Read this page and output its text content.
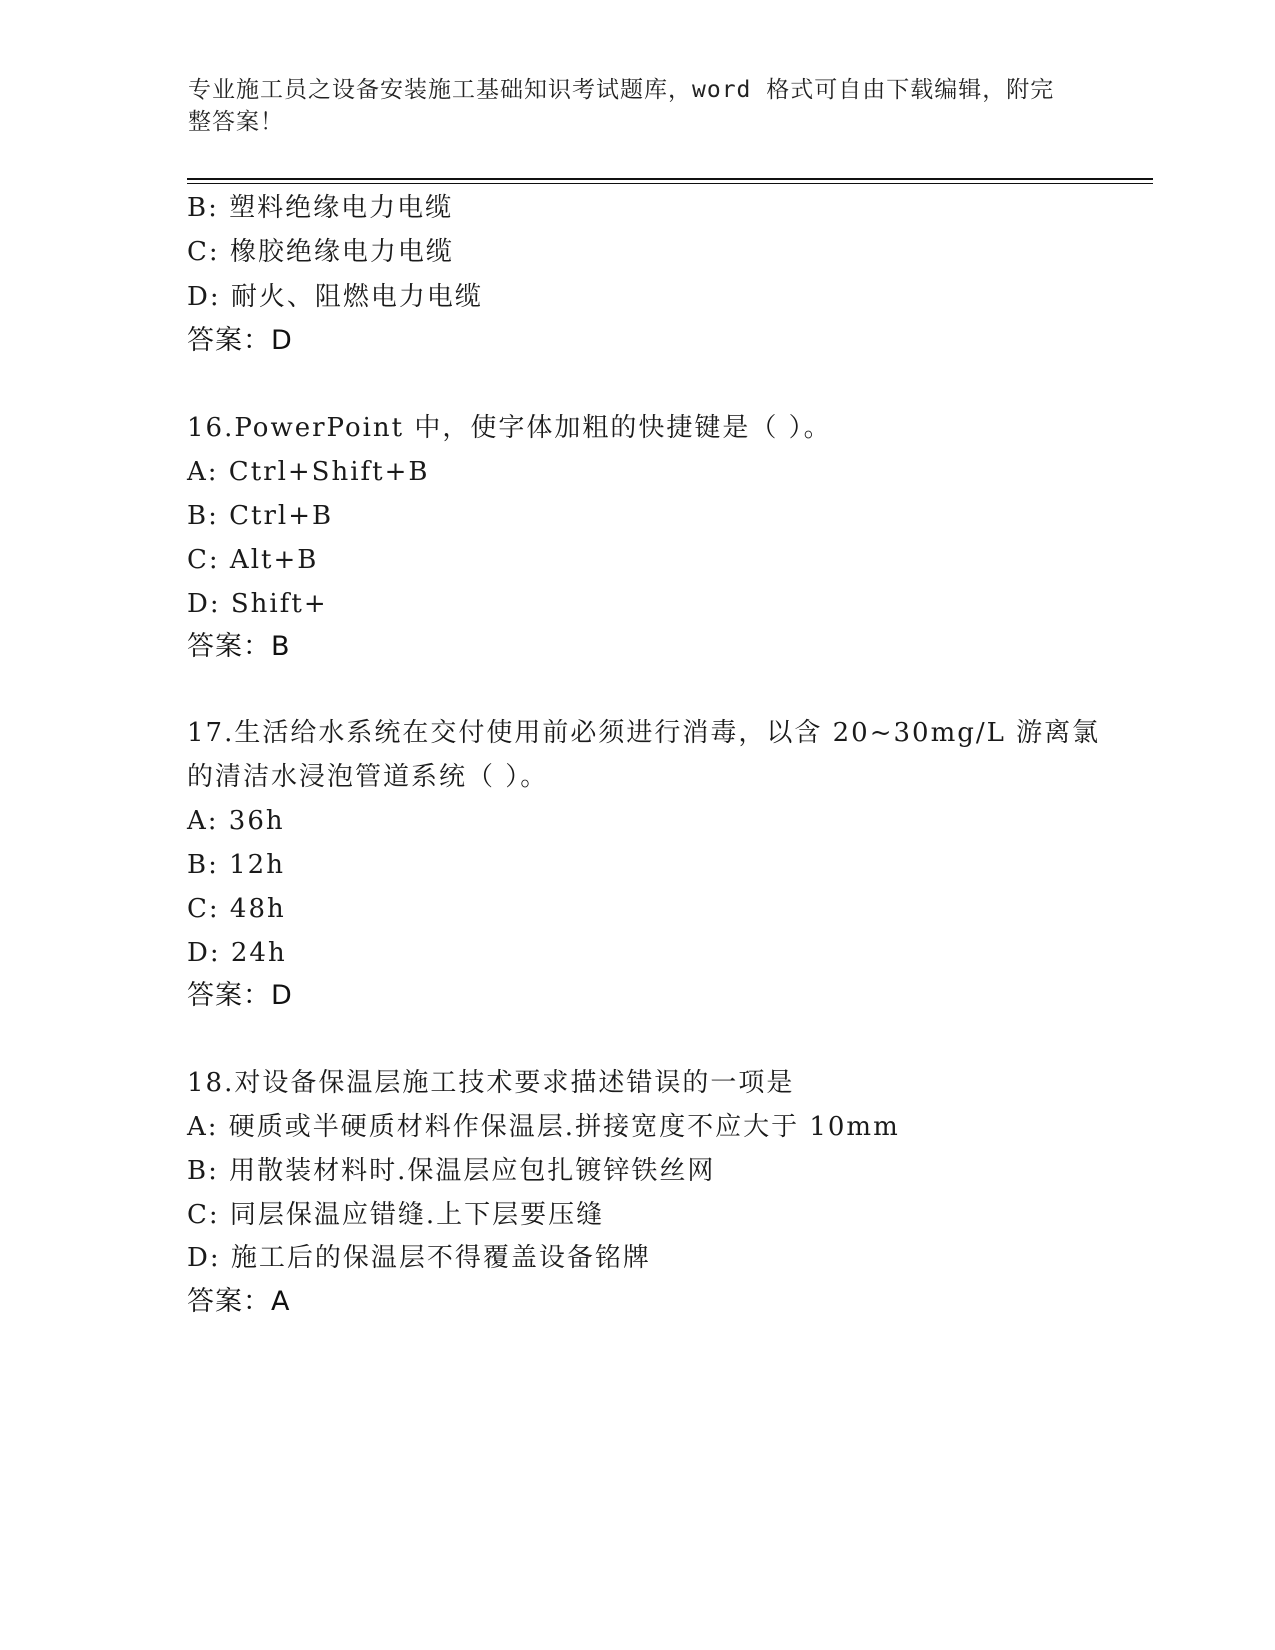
专业施工员之设备安装施工基础知识考试题库，word 格式可自由下载编辑，附完
整答案！
B: 塑料绝缘电力电缆
C: 橡胶绝缘电力电缆
D: 耐火、阻燃电力电缆
答案：D
16.PowerPoint 中，使字体加粗的快捷键是（ ）。
A: Ctrl+Shift+B
B: Ctrl+B
C: Alt+B
D: Shift+
答案：B
17.生活给水系统在交付使用前必须进行消毒，以含 20~30mg/L 游离氯
的清洁水浸泡管道系统（ ）。
A: 36h
B: 12h
C: 48h
D: 24h
答案：D
18.对设备保温层施工技术要求描述错误的一项是
A: 硬质或半硬质材料作保温层.拼接宽度不应大于 10mm
B: 用散装材料时.保温层应包扎镀锌铁丝网
C: 同层保温应错缝.上下层要压缝
D: 施工后的保温层不得覆盖设备铭牌
答案：A
